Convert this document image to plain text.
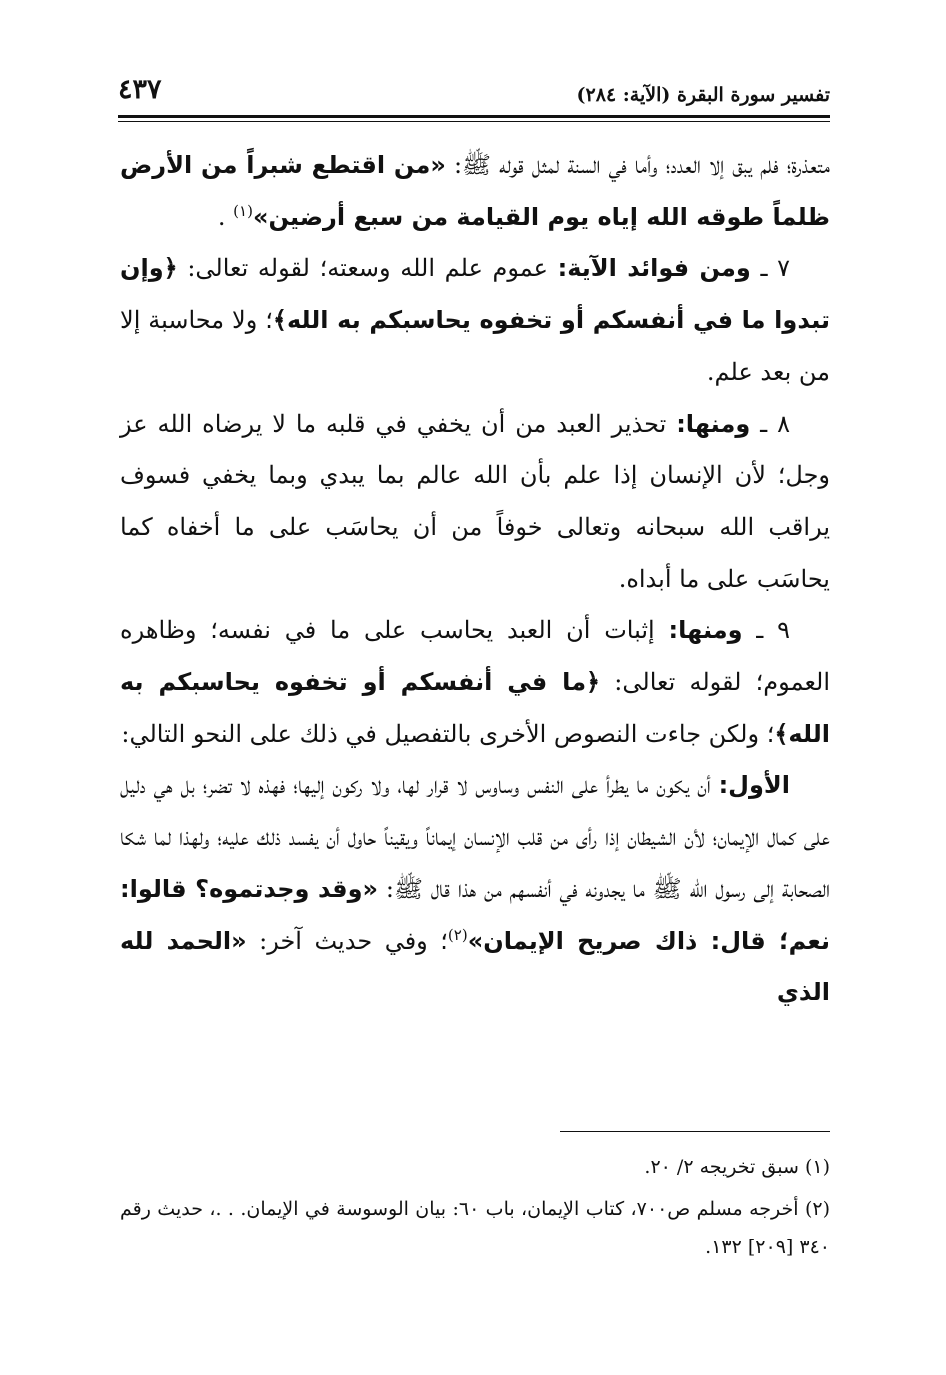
تفسير سورة البقرة (الآية: ٢٨٤)
٤٣٧

متعذرة؛ فلم يبق إلا العدد؛ وأما في السنة لمثل قوله ﷺ: «من اقتطع شبراً من الأرض ظلماً طوقه الله إياه يوم القيامة من سبع أرضين»$^{(١)}$ .

٧ ـ ومن فوائد الآية: عموم علم الله وسعته؛ لقوله تعالى: ﴿وإن تبدوا ما في أنفسكم أو تخفوه يحاسبكم به الله﴾؛ ولا محاسبة إلا من بعد علم.

٨ ـ ومنها: تحذير العبد من أن يخفي في قلبه ما لا يرضاه الله عز وجل؛ لأن الإنسان إذا علم بأن الله عالم بما يبدي وبما يخفي فسوف يراقب الله سبحانه وتعالى خوفاً من أن يحاسَب على ما أخفاه كما يحاسَب على ما أبداه.

٩ ـ ومنها: إثبات أن العبد يحاسب على ما في نفسه؛ وظاهره العموم؛ لقوله تعالى: ﴿ما في أنفسكم أو تخفوه يحاسبكم به الله﴾؛ ولكن جاءت النصوص الأخرى بالتفصيل في ذلك على النحو التالي:

الأول: أن يكون ما يطرأ على النفس وساوس لا قرار لها، ولا ركون إليها؛ فهذه لا تضر؛ بل هي دليل على كمال الإيمان؛ لأن الشيطان إذا رأى من قلب الإنسان إيماناً ويقيناً حاول أن يفسد ذلك عليه؛ ولهذا لما شكا الصحابة إلى رسول الله ﷺ ما يجدونه في أنفسهم من هذا قال ﷺ: «وقد وجدتموه؟ قالوا: نعم؛ قال: ذاك صريح الإيمان»$^{(٢)}$؛ وفي حديث آخر: «الحمد لله الذي

(١) سبق تخريجه ٢/ ٢٠.

(٢) أخرجه مسلم ص٧٠٠، كتاب الإيمان، باب ٦٠: بيان الوسوسة في الإيمان. . .، حديث رقم ٣٤٠ [٢٠٩] ١٣٢.
